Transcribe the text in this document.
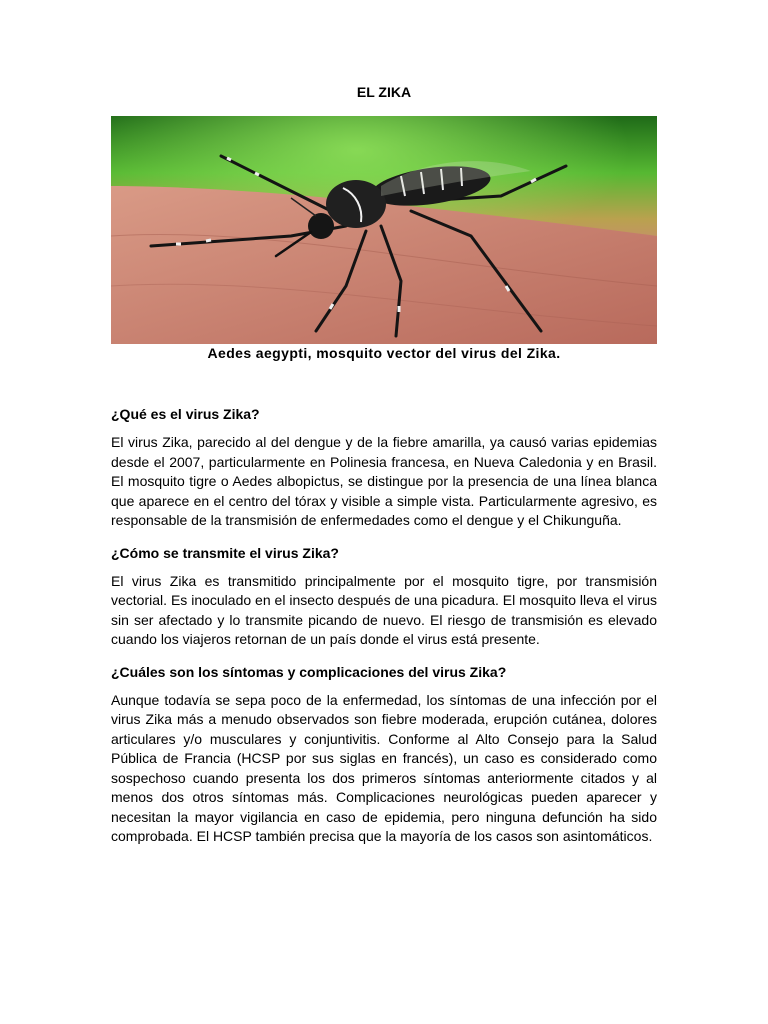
EL ZIKA
Aedes aegypti, mosquito vector del virus del Zika.
¿Qué es el virus Zika?

El virus Zika, parecido al del dengue y de la fiebre amarilla, ya causó varias epidemias desde el 2007, particularmente en Polinesia francesa, en Nueva Caledonia y en Brasil. El mosquito tigre o Aedes albopictus, se distingue por la presencia de una línea blanca que aparece en el centro del tórax y visible a simple vista. Particularmente agresivo, es responsable de la transmisión de enfermedades como el dengue y el Chikunguña.

¿Cómo se transmite el virus Zika?

El virus Zika es transmitido principalmente por el mosquito tigre, por transmisión vectorial. Es inoculado en el insecto después de una picadura. El mosquito lleva el virus sin ser afectado y lo transmite picando de nuevo. El riesgo de transmisión es elevado cuando los viajeros retornan de un país donde el virus está presente.

¿Cuáles son los síntomas y complicaciones del virus Zika?

Aunque todavía se sepa poco de la enfermedad, los síntomas de una infección por el virus Zika más a menudo observados son fiebre moderada, erupción cutánea, dolores articulares y/o musculares y conjuntivitis. Conforme al Alto Consejo para la Salud Pública de Francia (HCSP por sus siglas en francés), un caso es considerado como sospechoso cuando presenta los dos primeros síntomas anteriormente citados y al menos dos otros síntomas más. Complicaciones neurológicas pueden aparecer y necesitan la mayor vigilancia en caso de epidemia, pero ninguna defunción ha sido comprobada. El HCSP también precisa que la mayoría de los casos son asintomáticos.
